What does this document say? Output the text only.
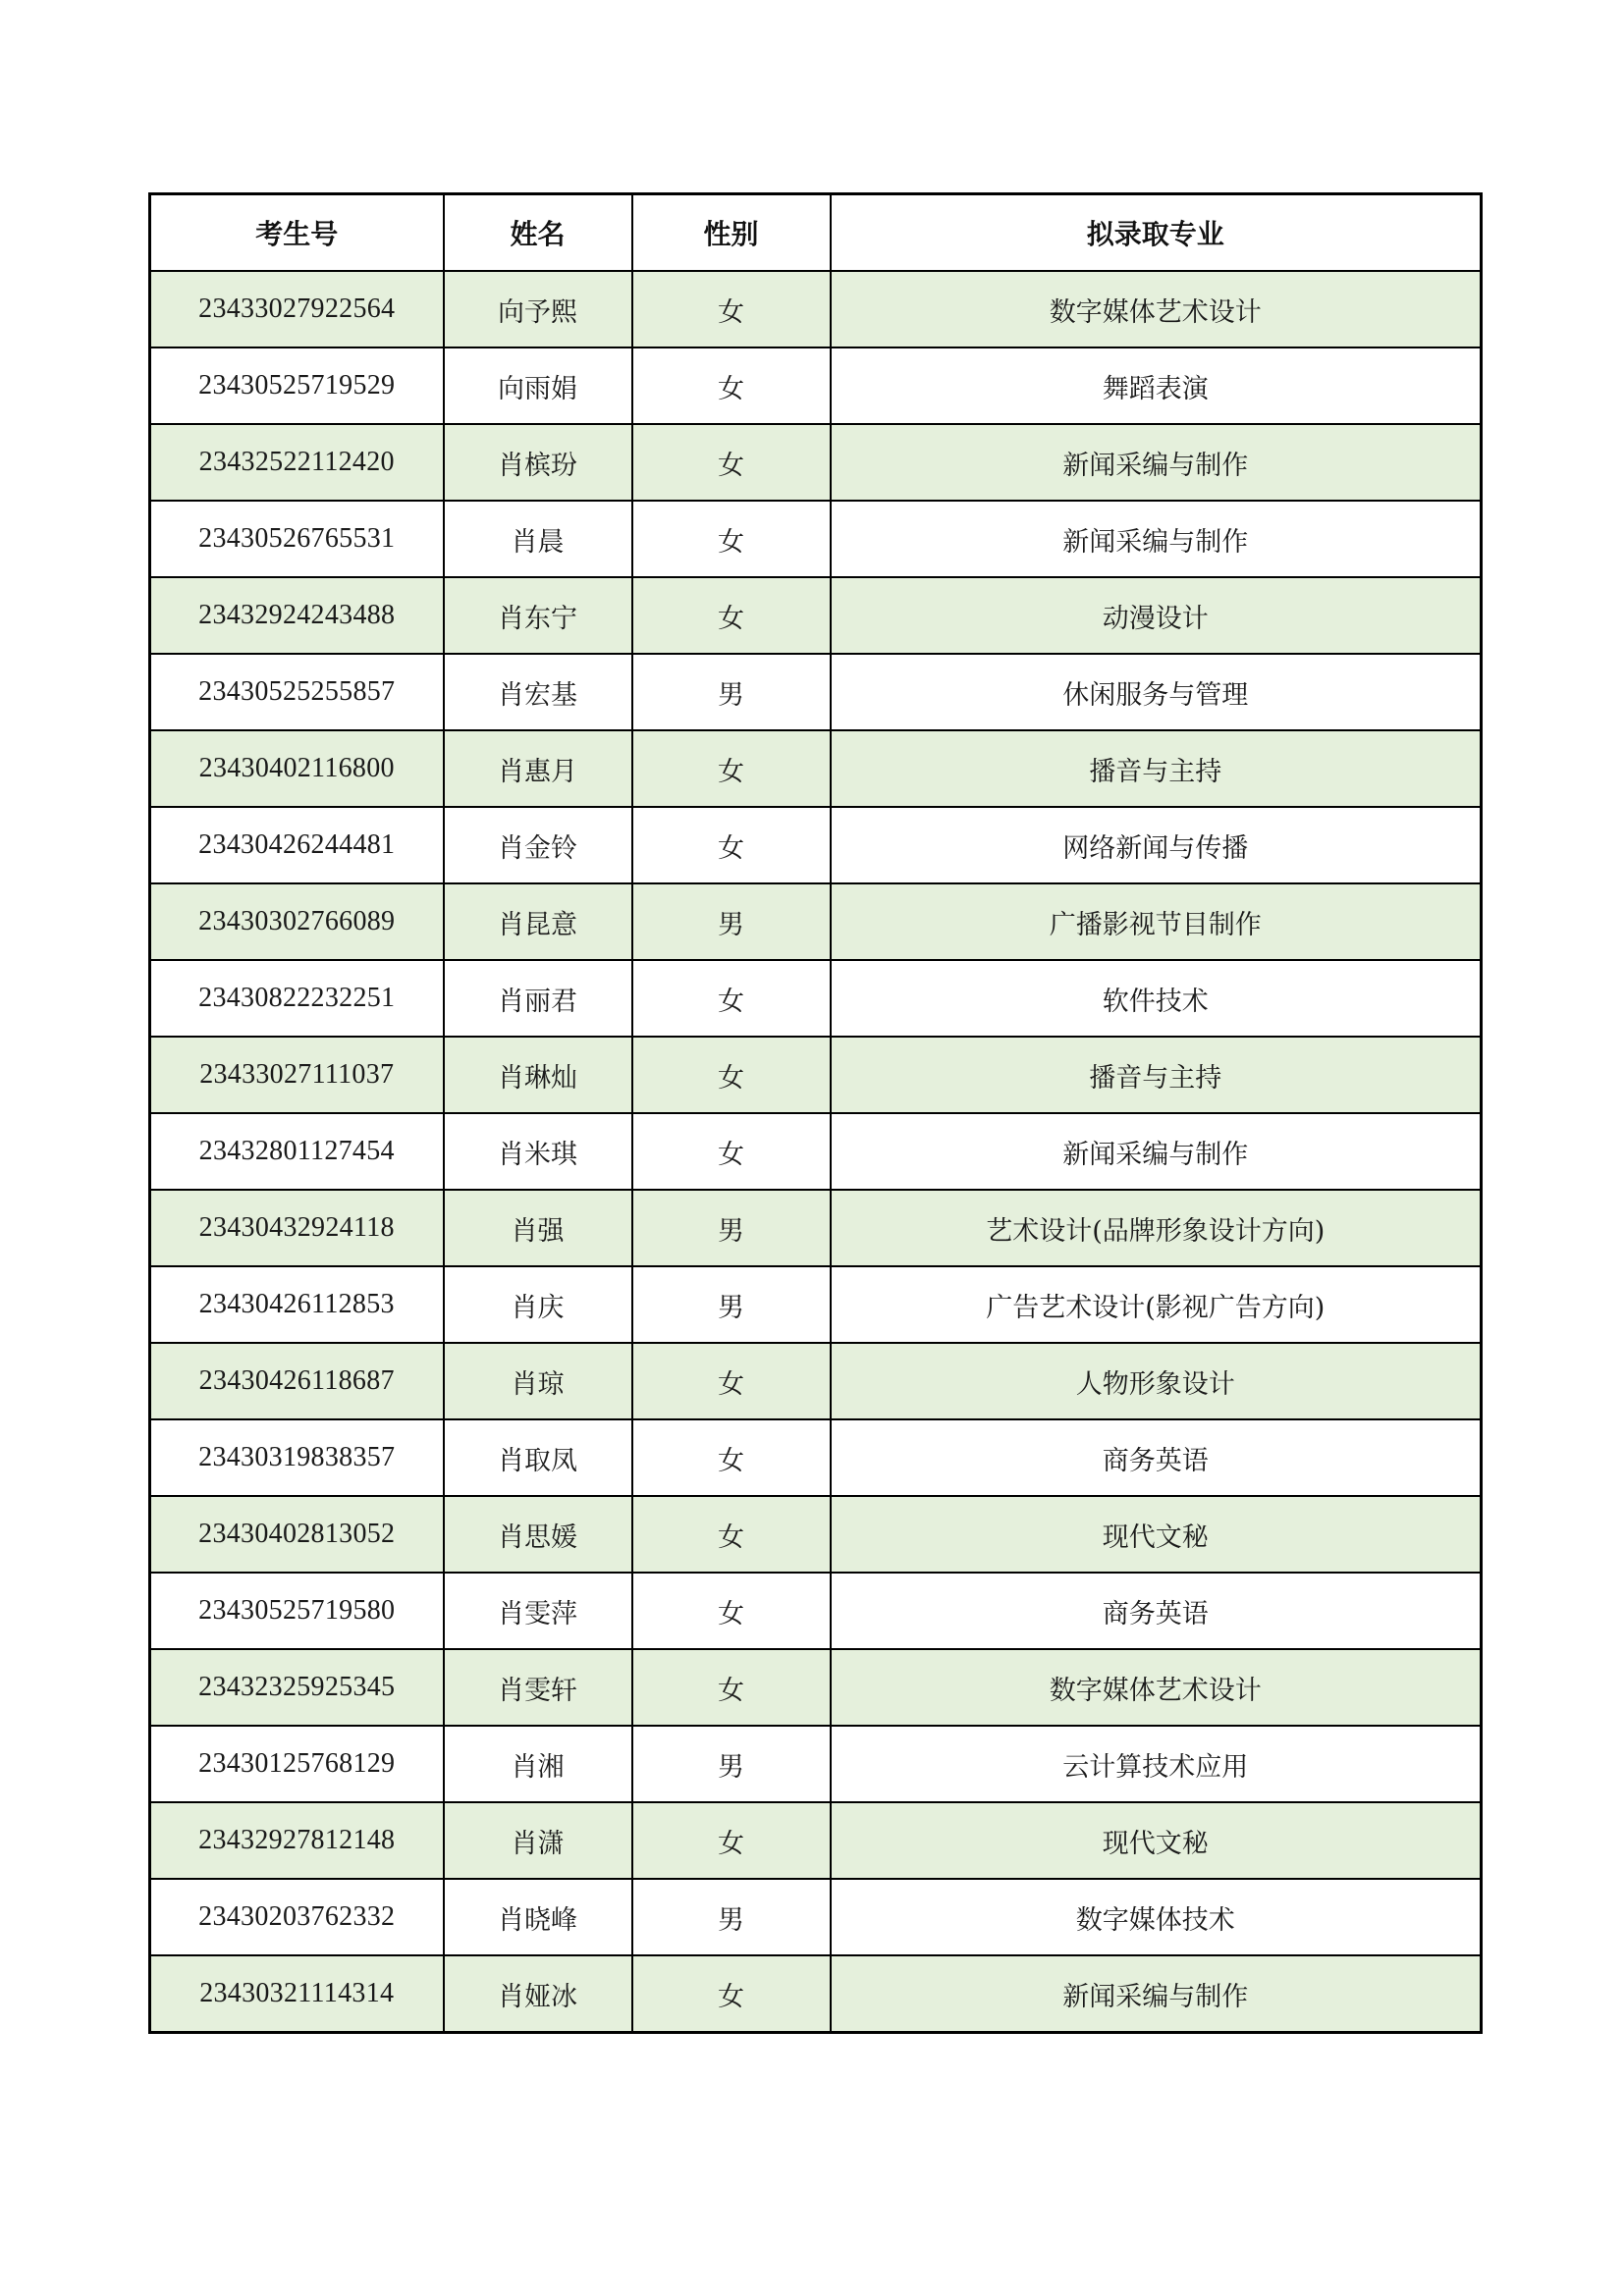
考生号	姓名	性别	拟录取专业
23433027922564	向予熙	女	数字媒体艺术设计
23430525719529	向雨娟	女	舞蹈表演
23432522112420	肖槟玢	女	新闻采编与制作
23430526765531	肖晨	女	新闻采编与制作
23432924243488	肖东宁	女	动漫设计
23430525255857	肖宏基	男	休闲服务与管理
23430402116800	肖惠月	女	播音与主持
23430426244481	肖金铃	女	网络新闻与传播
23430302766089	肖昆意	男	广播影视节目制作
23430822232251	肖丽君	女	软件技术
23433027111037	肖琳灿	女	播音与主持
23432801127454	肖米琪	女	新闻采编与制作
23430432924118	肖强	男	艺术设计(品牌形象设计方向)
23430426112853	肖庆	男	广告艺术设计(影视广告方向)
23430426118687	肖琼	女	人物形象设计
23430319838357	肖取凤	女	商务英语
23430402813052	肖思媛	女	现代文秘
23430525719580	肖雯萍	女	商务英语
23432325925345	肖雯轩	女	数字媒体艺术设计
23430125768129	肖湘	男	云计算技术应用
23432927812148	肖潇	女	现代文秘
23430203762332	肖晓峰	男	数字媒体技术
23430321114314	肖娅冰	女	新闻采编与制作
